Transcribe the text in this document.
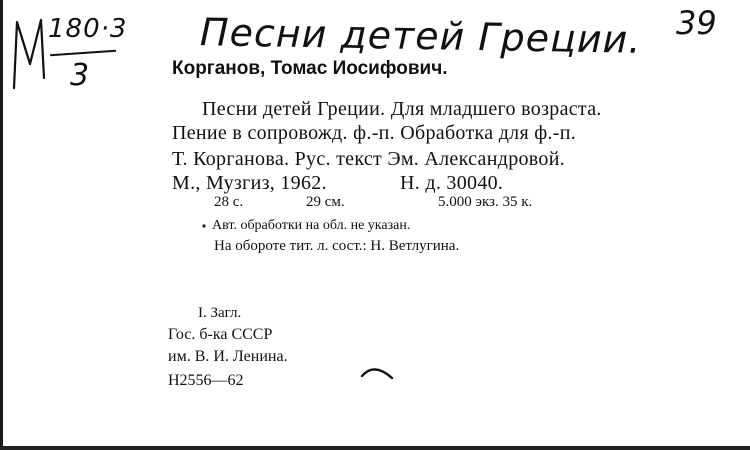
180·3
3
39
Песни детей Греции.
Корганов, Томас Иосифович.
Песни детей Греции. Для младшего возраста.
Пение в сопровожд. ф.-п. Обработка для ф.-п.
Т. Корганова. Рус. текст Эм. Александровой.
М., Музгиз, 1962.	Н. д. 30040.
28 с.	29 см.	5.000 экз. 35 к.
Авт. обработки на обл. не указан.
На обороте тит. л. сост.: Н. Ветлугина.
I. Загл.
Гос. б-ка СССР
им. В. И. Ленина.
Н2556—62
